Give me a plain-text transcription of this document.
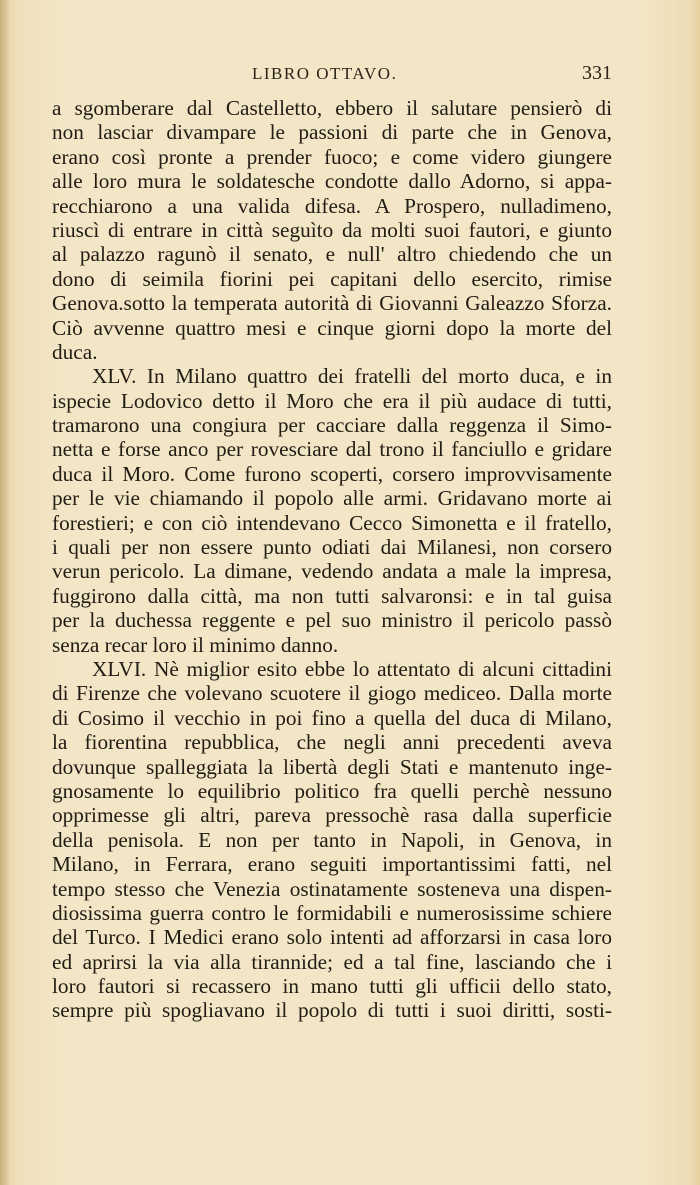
LIBRO OTTAVO.	331
a sgomberare dal Castelletto, ebbero il salutare pensierò di
non lasciar divampare le passioni di parte che in Genova,
erano così pronte a prender fuoco; e come videro giungere
alle loro mura le soldatesche condotte dallo Adorno, si appa-
recchiarono a una valida difesa. A Prospero, nulladimeno,
riuscì di entrare in città seguìto da molti suoi fautori, e giunto
al palazzo ragunò il senato, e null' altro chiedendo che un
dono di seimila fiorini pei capitani dello esercito, rimise
Genova.sotto la temperata autorità di Giovanni Galeazzo Sforza.
Ciò avvenne quattro mesi e cinque giorni dopo la morte del
duca.
XLV. In Milano quattro dei fratelli del morto duca, e in
ispecie Lodovico detto il Moro che era il più audace di tutti,
tramarono una congiura per cacciare dalla reggenza il Simo-
netta e forse anco per rovesciare dal trono il fanciullo e gridare
duca il Moro. Come furono scoperti, corsero improvvisamente
per le vie chiamando il popolo alle armi. Gridavano morte ai
forestieri; e con ciò intendevano Cecco Simonetta e il fratello,
i quali per non essere punto odiati dai Milanesi, non corsero
verun pericolo. La dimane, vedendo andata a male la impresa,
fuggirono dalla città, ma non tutti salvaronsi: e in tal guisa
per la duchessa reggente e pel suo ministro il pericolo passò
senza recar loro il minimo danno.
XLVI. Nè miglior esito ebbe lo attentato di alcuni cittadini
di Firenze che volevano scuotere il giogo mediceo. Dalla morte
di Cosimo il vecchio in poi fino a quella del duca di Milano,
la fiorentina repubblica, che negli anni precedenti aveva
dovunque spalleggiata la libertà degli Stati e mantenuto inge-
gnosamente lo equilibrio politico fra quelli perchè nessuno
opprimesse gli altri, pareva pressochè rasa dalla superficie
della penisola. E non per tanto in Napoli, in Genova, in
Milano, in Ferrara, erano seguiti importantissimi fatti, nel
tempo stesso che Venezia ostinatamente sosteneva una dispen-
diosissima guerra contro le formidabili e numerosissime schiere
del Turco. I Medici erano solo intenti ad afforzarsi in casa loro
ed aprirsi la via alla tirannide; ed a tal fine, lasciando che i
loro fautori si recassero in mano tutti gli ufficii dello stato,
sempre più spogliavano il popolo di tutti i suoi diritti, sosti-
